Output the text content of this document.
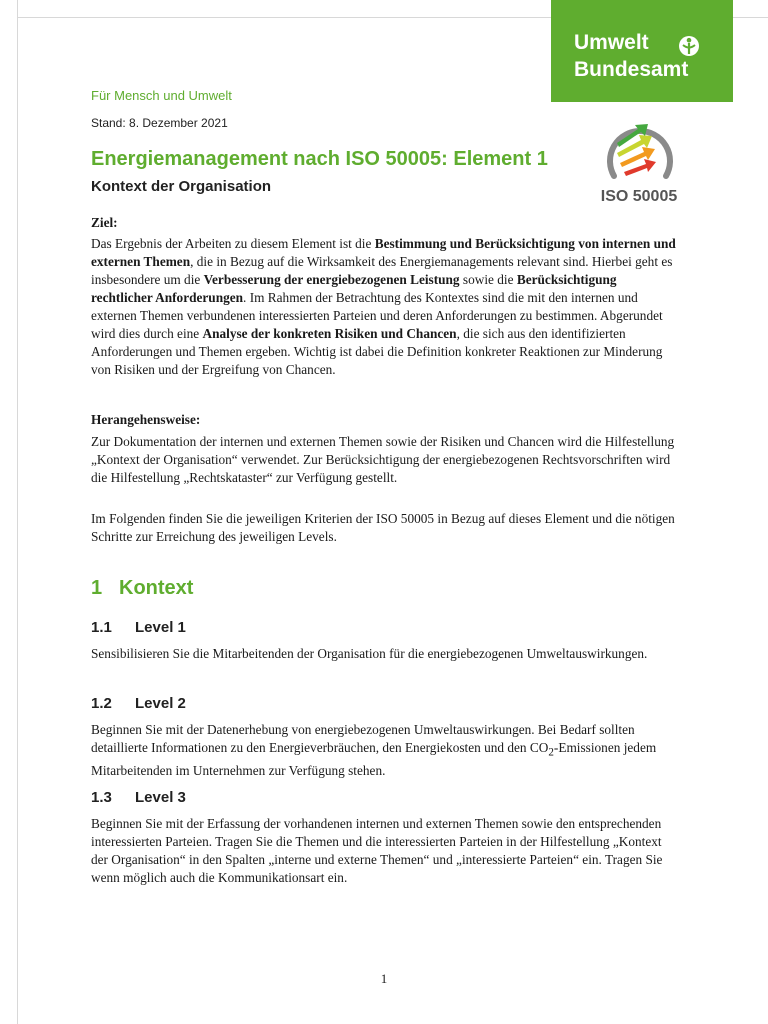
Umwelt
Bundesamt
Für Mensch und Umwelt
Stand: 8. Dezember 2021
ISO 50005
Energiemanagement nach ISO 50005: Element 1
Kontext der Organisation
Ziel:

Das Ergebnis der Arbeiten zu diesem Element ist die Bestimmung und Berücksichtigung von internen und externen Themen, die in Bezug auf die Wirksamkeit des Energiemanagements relevant sind. Hierbei geht es insbesondere um die Verbesserung der energiebezogenen Leistung sowie die Berücksichtigung rechtlicher Anforderungen. Im Rahmen der Betrachtung des Kontextes sind die mit den internen und externen Themen verbundenen interessierten Parteien und deren Anforderungen zu bestimmen. Abgerundet wird dies durch eine Analyse der konkreten Risiken und Chancen, die sich aus den identifizierten Anforderungen und Themen ergeben. Wichtig ist dabei die Definition konkreter Reaktionen zur Minderung von Risiken und der Ergreifung von Chancen.

Herangehensweise:

Zur Dokumentation der internen und externen Themen sowie der Risiken und Chancen wird die Hilfestellung „Kontext der Organisation“ verwendet. Zur Berücksichtigung der energiebezogenen Rechtsvorschriften wird die Hilfestellung „Rechtskataster“ zur Verfügung gestellt.

Im Folgenden finden Sie die jeweiligen Kriterien der ISO 50005 in Bezug auf dieses Element und die nötigen Schritte zur Erreichung des jeweiligen Levels.

1 Kontext
1.1 Level 1

Sensibilisieren Sie die Mitarbeitenden der Organisation für die energiebezogenen Umweltauswirkungen.

1.2 Level 2

Beginnen Sie mit der Datenerhebung von energiebezogenen Umweltauswirkungen. Bei Bedarf sollten detaillierte Informationen zu den Energieverbräuchen, den Energiekosten und den $CO_2$-Emissionen jedem Mitarbeitenden im Unternehmen zur Verfügung stehen.

1.3 Level 3

Beginnen Sie mit der Erfassung der vorhandenen internen und externen Themen sowie den entsprechenden interessierten Parteien. Tragen Sie die Themen und die interessierten Parteien in der Hilfestellung „Kontext der Organisation“ in den Spalten „interne und externe Themen“ und „interessierte Parteien“ ein. Tragen Sie wenn möglich auch die Kommunikationsart ein.

1
